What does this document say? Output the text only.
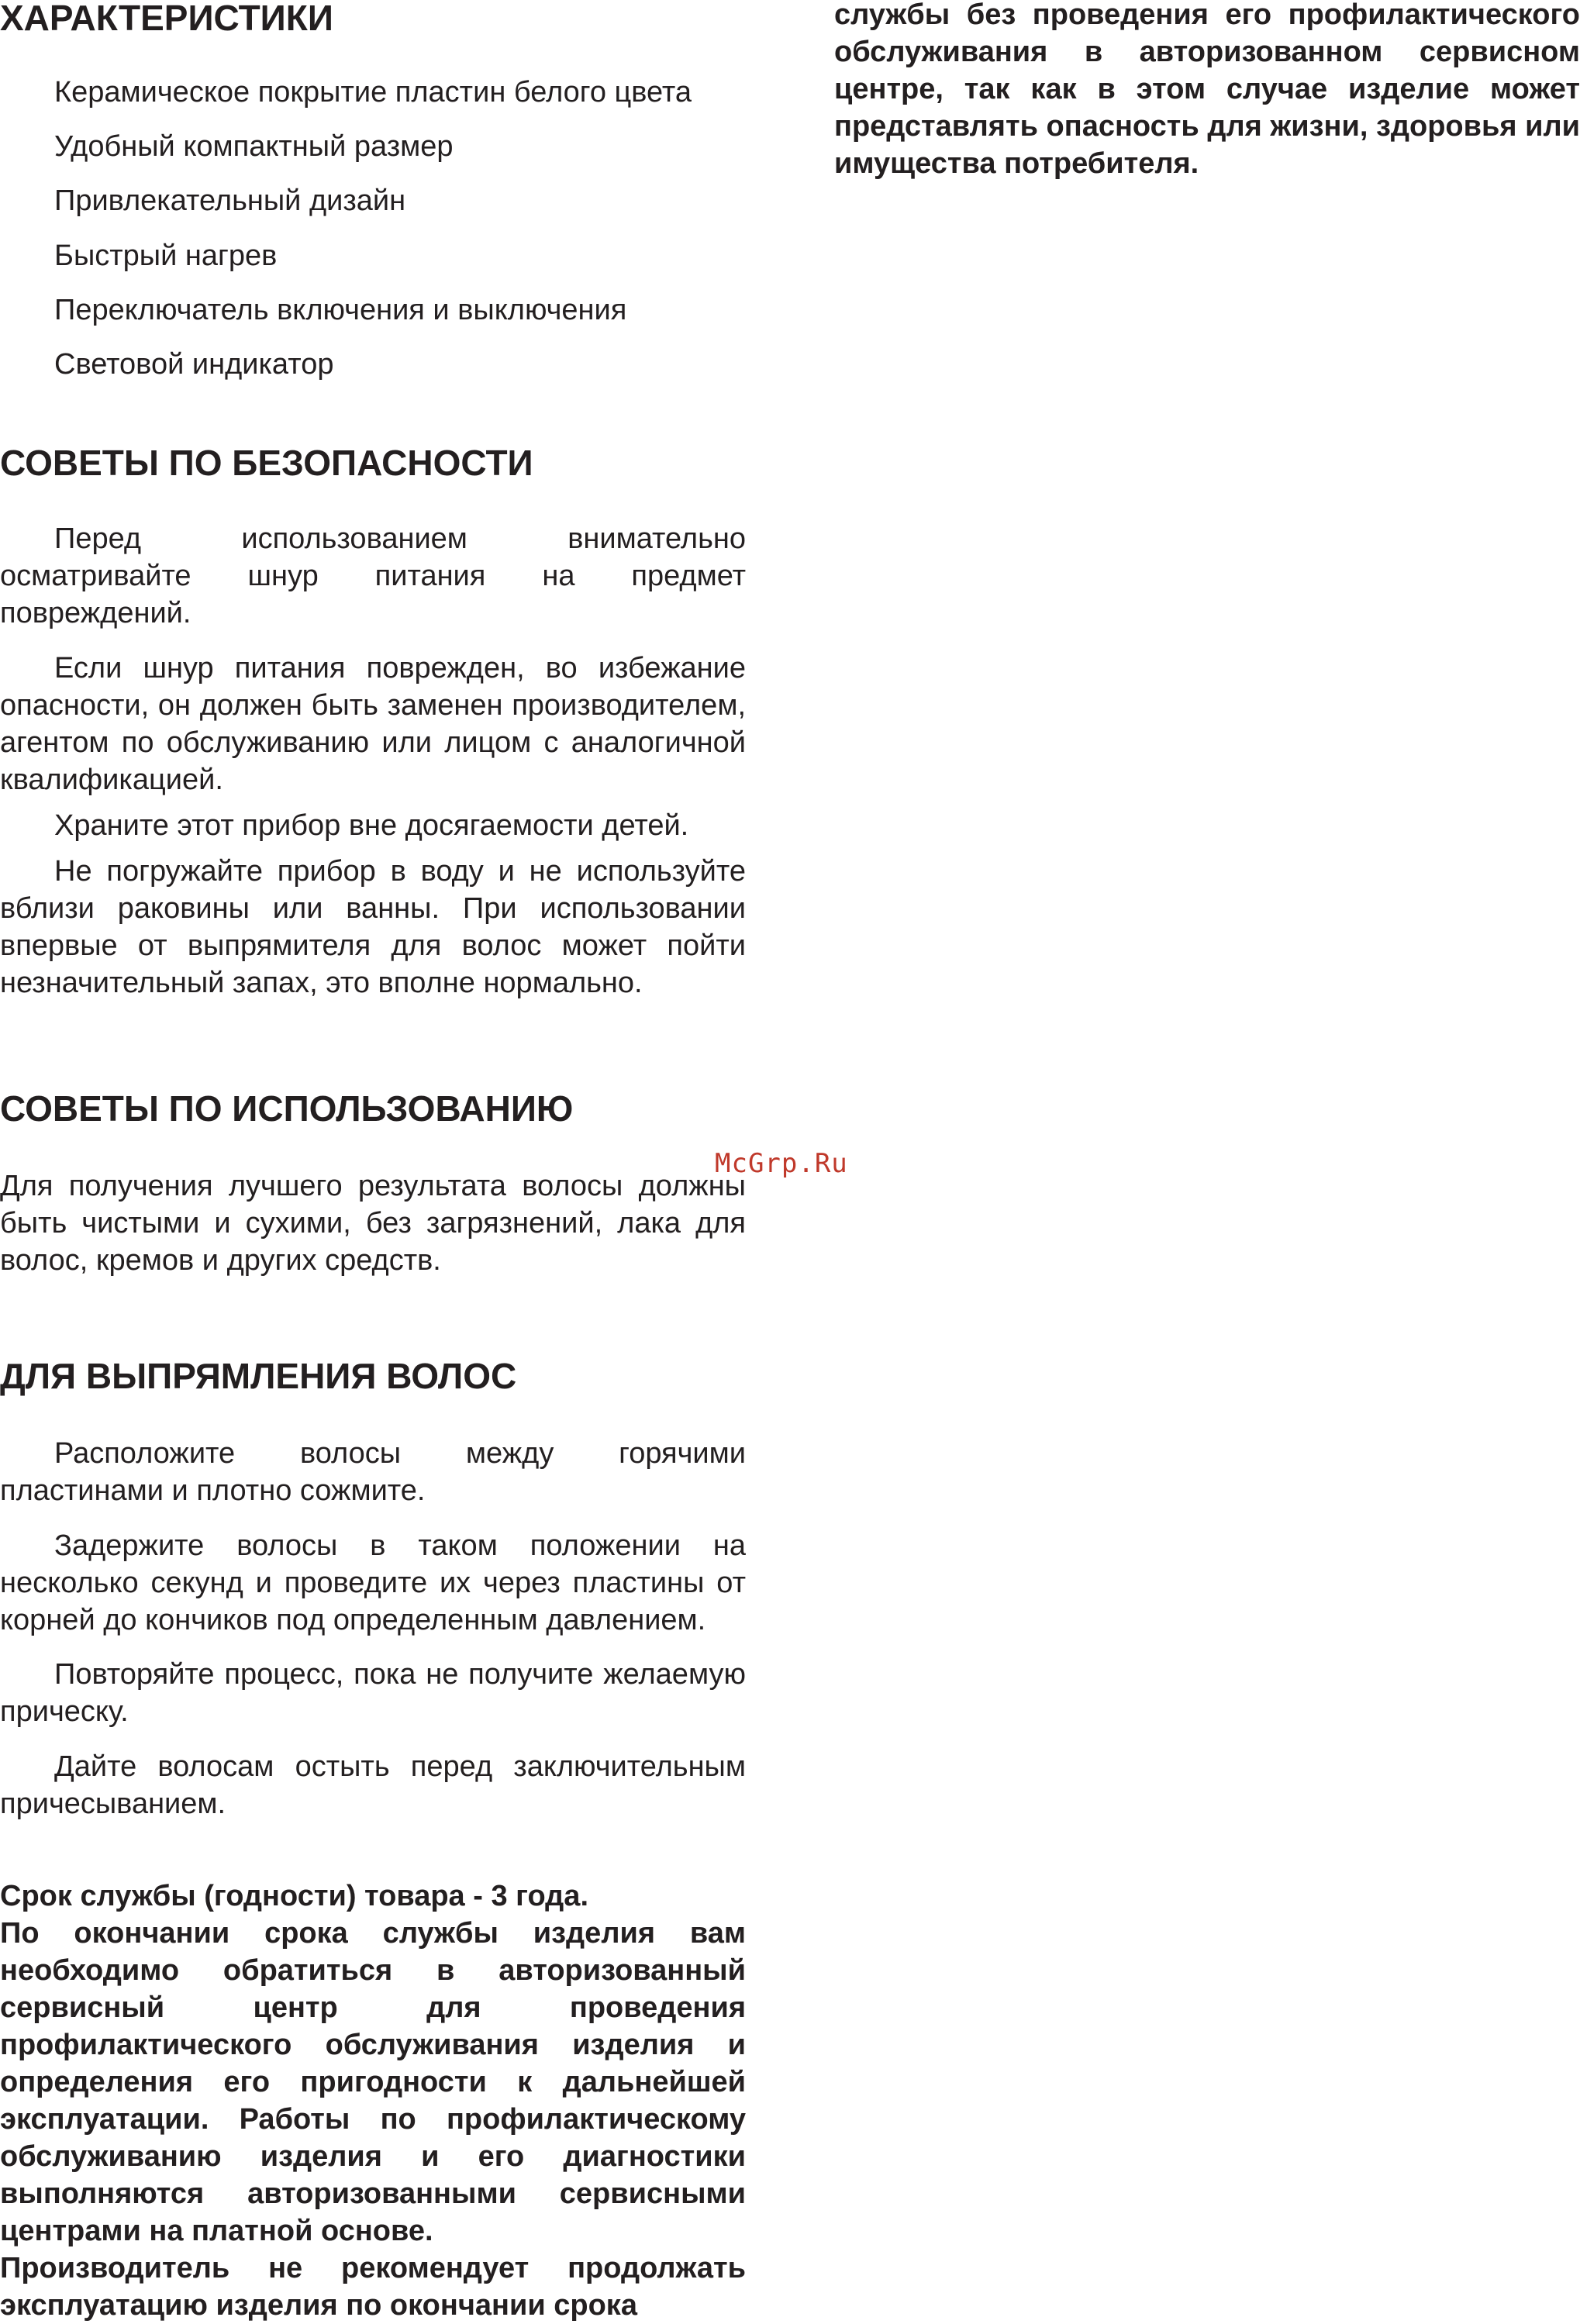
ХАРАКТЕРИСТИКИ

Керамическое покрытие пластин белого цвета

Удобный компактный размер

Привлекательный дизайн

Быстрый нагрев

Переключатель включения и выключения

Световой индикатор

СОВЕТЫ ПО БЕЗОПАСНОСТИ

Перед использованием внимательно осматривайте шнур питания на предмет повреждений.

Если шнур питания поврежден, во избежание опасности, он должен быть заменен производителем, агентом по обслуживанию или лицом с аналогичной квалификацией.

Храните этот прибор вне досягаемости детей.

Не погружайте прибор в воду и не используйте вблизи раковины или ванны. При использовании впервые от выпрямителя для волос может пойти незначительный запах, это вполне нормально.

СОВЕТЫ ПО ИСПОЛЬЗОВАНИЮ

Для получения лучшего результата волосы должны быть чистыми и сухими, без загрязнений, лака для волос, кремов и других средств.

ДЛЯ ВЫПРЯМЛЕНИЯ ВОЛОС

Расположите волосы между горячими пластинами и плотно сожмите.

Задержите волосы в таком положении на несколько секунд и проведите их через пластины от корней до кончиков под определенным давлением.

Повторяйте процесс, пока не получите желаемую прическу.

Дайте волосам остыть перед заключительным причесыванием.

Срок службы (годности) товара - 3 года.

По окончании срока службы изделия вам необходимо обратиться в авторизованный сервисный центр для проведения профилактического обслуживания изделия и определения его пригодности к дальнейшей эксплуатации. Работы по профилактическому обслуживанию изделия и его диагностики выполняются авторизованными сервисными центрами на платной основе.

Производитель не рекомендует продолжать эксплуатацию изделия по окончании срока

службы без проведения его профилактического обслуживания в авторизованном сервисном центре, так как в этом случае изделие может представлять опасность для жизни, здоровья или имущества потребителя.

McGrp.Ru
